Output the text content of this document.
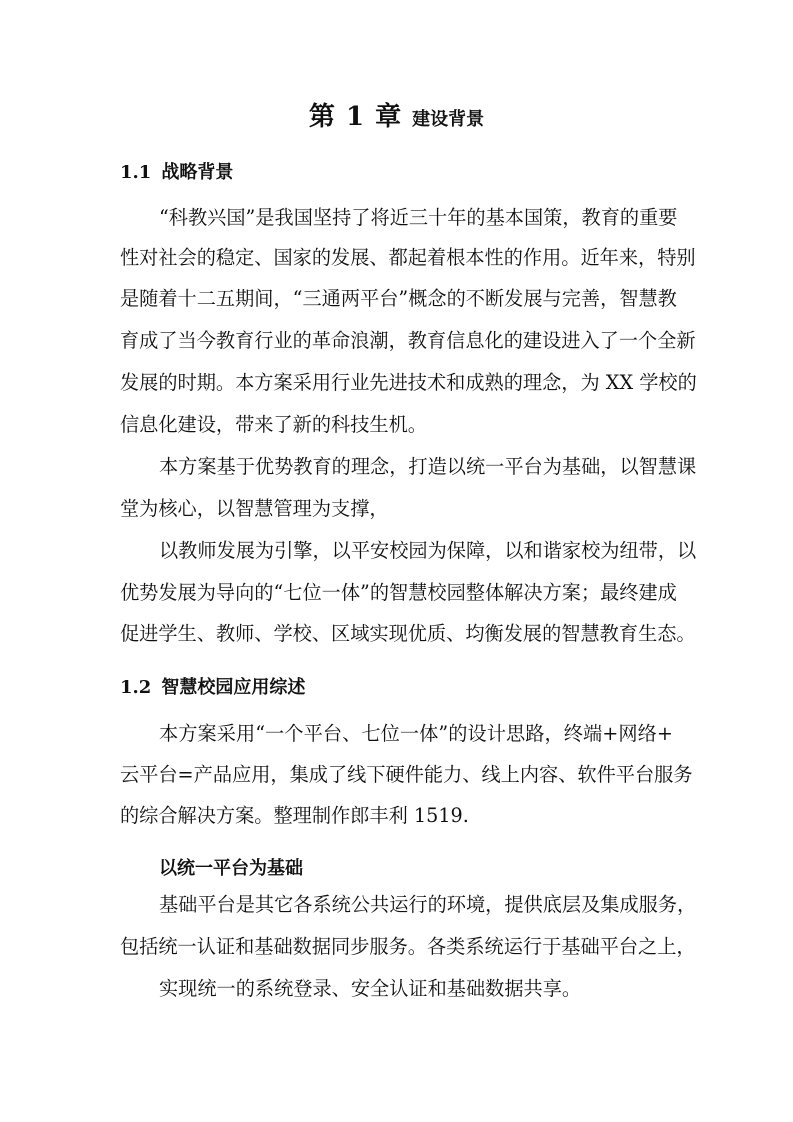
第 1 章 建设背景
1.1 战略背景
“科教兴国”是我国坚持了将近三十年的基本国策，教育的重要
性对社会的稳定、国家的发展、都起着根本性的作用。近年来，特别
是随着十二五期间，“三通两平台”概念的不断发展与完善，智慧教
育成了当今教育行业的革命浪潮，教育信息化的建设进入了一个全新
发展的时期。本方案采用行业先进技术和成熟的理念，为 XX 学校的
信息化建设，带来了新的科技生机。
本方案基于优势教育的理念，打造以统一平台为基础，以智慧课
堂为核心，以智慧管理为支撑，
以教师发展为引擎，以平安校园为保障，以和谐家校为纽带，以
优势发展为导向的“七位一体”的智慧校园整体解决方案；最终建成
促进学生、教师、学校、区域实现优质、均衡发展的智慧教育生态。
1.2 智慧校园应用综述
本方案采用“一个平台、七位一体”的设计思路，终端+网络+
云平台=产品应用，集成了线下硬件能力、线上内容、软件平台服务
的综合解决方案。整理制作郎丰利 1519.
以统一平台为基础
基础平台是其它各系统公共运行的环境，提供底层及集成服务，
包括统一认证和基础数据同步服务。各类系统运行于基础平台之上，
实现统一的系统登录、安全认证和基础数据共享。
